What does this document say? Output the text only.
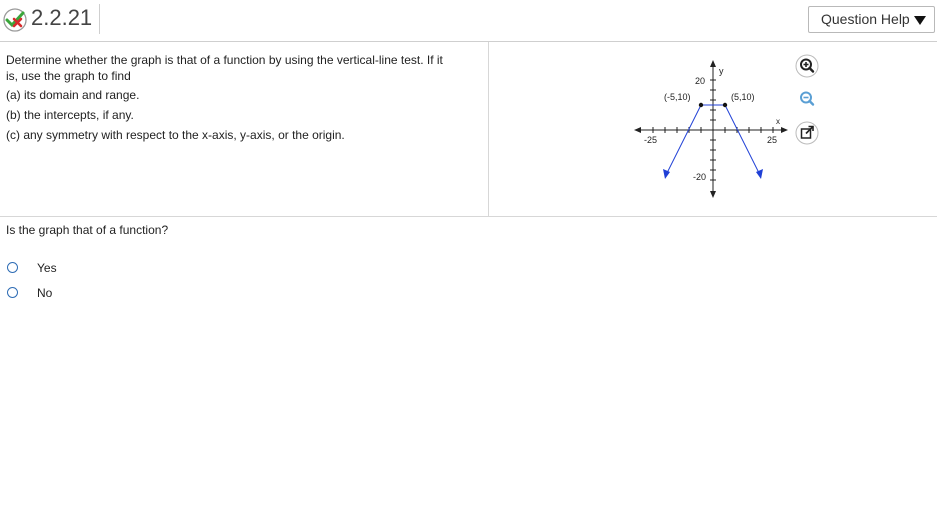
2.2.21	Question Help
Determine whether the graph is that of a function by using the vertical-line test. If it
is, use the graph to find
(a) its domain and range.
(b) the intercepts, if any.
(c) any symmetry with respect to the x-axis, y-axis, or the origin.
y
x
20
-20
-25	25
(-5,10)	(5,10)
Is the graph that of a function?
Yes
No
